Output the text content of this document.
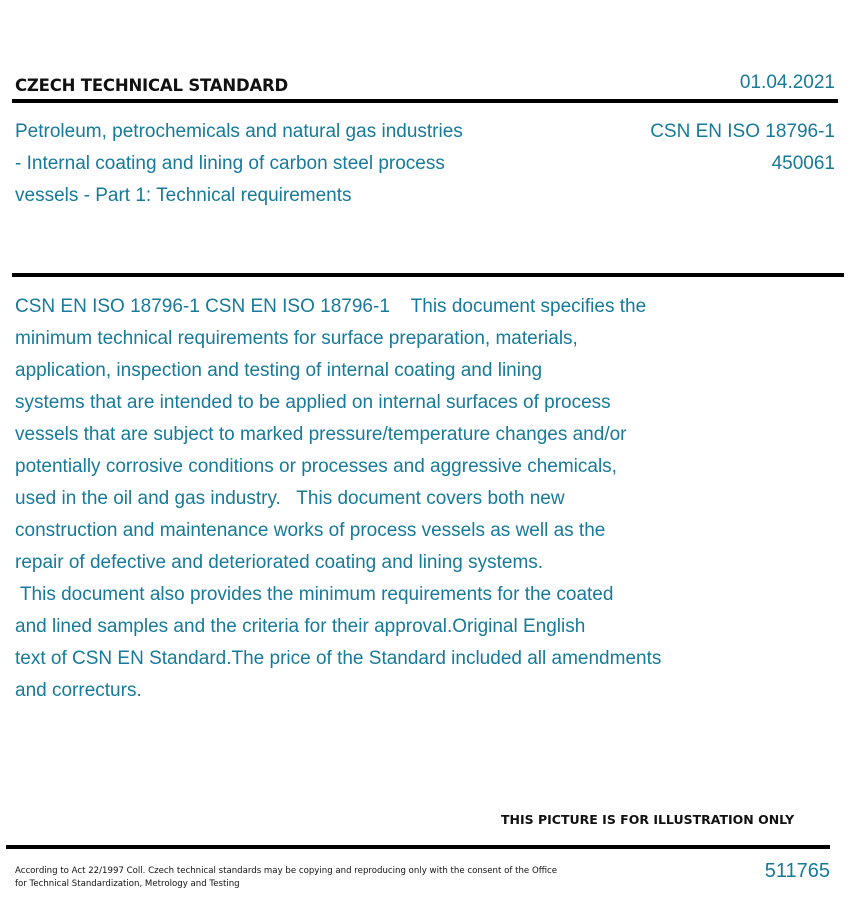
CZECH TECHNICAL STANDARD	01.04.2021
Petroleum, petrochemicals and natural gas industries
- Internal coating and lining of carbon steel process
vessels - Part 1: Technical requirements
CSN EN ISO 18796-1
450061
CSN EN ISO 18796-1 CSN EN ISO 18796-1    This document specifies the
minimum technical requirements for surface preparation, materials,
application, inspection and testing of internal coating and lining
systems that are intended to be applied on internal surfaces of process
vessels that are subject to marked pressure/temperature changes and/or
potentially corrosive conditions or processes and aggressive chemicals,
used in the oil and gas industry.   This document covers both new
construction and maintenance works of process vessels as well as the
repair of defective and deteriorated coating and lining systems.
This document also provides the minimum requirements for the coated
and lined samples and the criteria for their approval.Original English
text of CSN EN Standard.The price of the Standard included all amendments
and correcturs.
THIS PICTURE IS FOR ILLUSTRATION ONLY
According to Act 22/1997 Coll. Czech technical standards may be copying and reproducing only with the consent of the Office
for Technical Standardization, Metrology and Testing
511765
